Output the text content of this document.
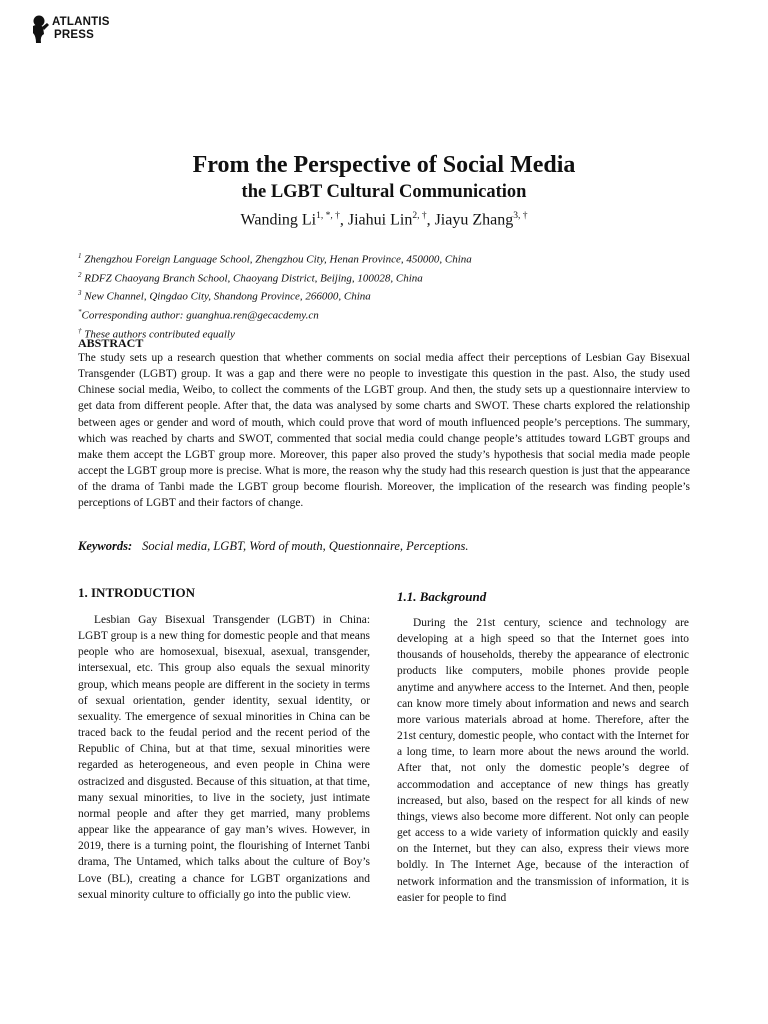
ATLANTIS
PRESS
From the Perspective of Social Media
the LGBT Cultural Communication
Wanding $Li^{1, *, \dagger}$, Jiahui Lin$^{2, \dagger}$, Jiayu Zhang$^{3, \dagger}$
$^1$ Zhengzhou Foreign Language School, Zhengzhou City, Henan Province, 450000, China
$^2$ RDFZ Chaoyang Branch School, Chaoyang District, Beijing, 100028, China
$^3$ New Channel, Qingdao City, Shandong Province, 266000, China
*Corresponding author: guanghua.ren@gecacdemy.cn
† These authors contributed equally
ABSTRACT

The study sets up a research question that whether comments on social media affect their perceptions of Lesbian Gay Bisexual Transgender (LGBT) group. It was a gap and there were no people to investigate this question in the past. Also, the study used Chinese social media, Weibo, to collect the comments of the LGBT group. And then, the study sets up a questionnaire interview to get data from different people. After that, the data was analysed by some charts and SWOT. These charts explored the relationship between ages or gender and word of mouth, which could prove that word of mouth influenced people’s perceptions. The summary, which was reached by charts and SWOT, commented that social media could change people’s attitudes toward LGBT groups and make them accept the LGBT group more. Moreover, this paper also proved the study’s hypothesis that social media made people accept the LGBT group more is precise. What is more, the reason why the study had this research question is just that the appearance of the drama of Tanbi made the LGBT group become flourish. Moreover, the implication of the research was finding people’s perceptions of LGBT and their factors of change.

Keywords: Social media, LGBT, Word of mouth, Questionnaire, Perceptions.
1. INTRODUCTION

Lesbian Gay Bisexual Transgender (LGBT) in China: LGBT group is a new thing for domestic people and that means people who are homosexual, bisexual, asexual, transgender, intersexual, etc. This group also equals the sexual minority group, which means people are different in the society in terms of sexual orientation, gender identity, sexual identity, or sexuality. The emergence of sexual minorities in China can be traced back to the feudal period and the recent period of the Republic of China, but at that time, sexual minorities were regarded as heterogeneous, and even people in China were ostracized and disgusted. Because of this situation, at that time, many sexual minorities, to live in the society, just intimate normal people and after they get married, many problems appear like the appearance of gay man’s wives. However, in 2019, there is a turning point, the flourishing of Internet Tanbi drama, The Untamed, which talks about the culture of Boy’s Love (BL), creating a chance for LGBT organizations and sexual minority culture to officially go into the public view.

1.1. Background

During the 21st century, science and technology are developing at a high speed so that the Internet goes into thousands of households, thereby the appearance of electronic products like computers, mobile phones provide people anytime and anywhere access to the Internet. And then, people can know more timely about information and news and search more various materials abroad at home. Therefore, after the 21st century, domestic people, who contact with the Internet for a long time, to learn more about the news around the world. After that, not only the domestic people’s degree of accommodation and acceptance of new things has greatly increased, but also, based on the respect for all kinds of new things, views also become more different. Not only can people get access to a wide variety of information quickly and easily on the Internet, but they can also, express their views more boldly. In The Internet Age, because of the interaction of network information and the transmission of information, it is easier for people to find
